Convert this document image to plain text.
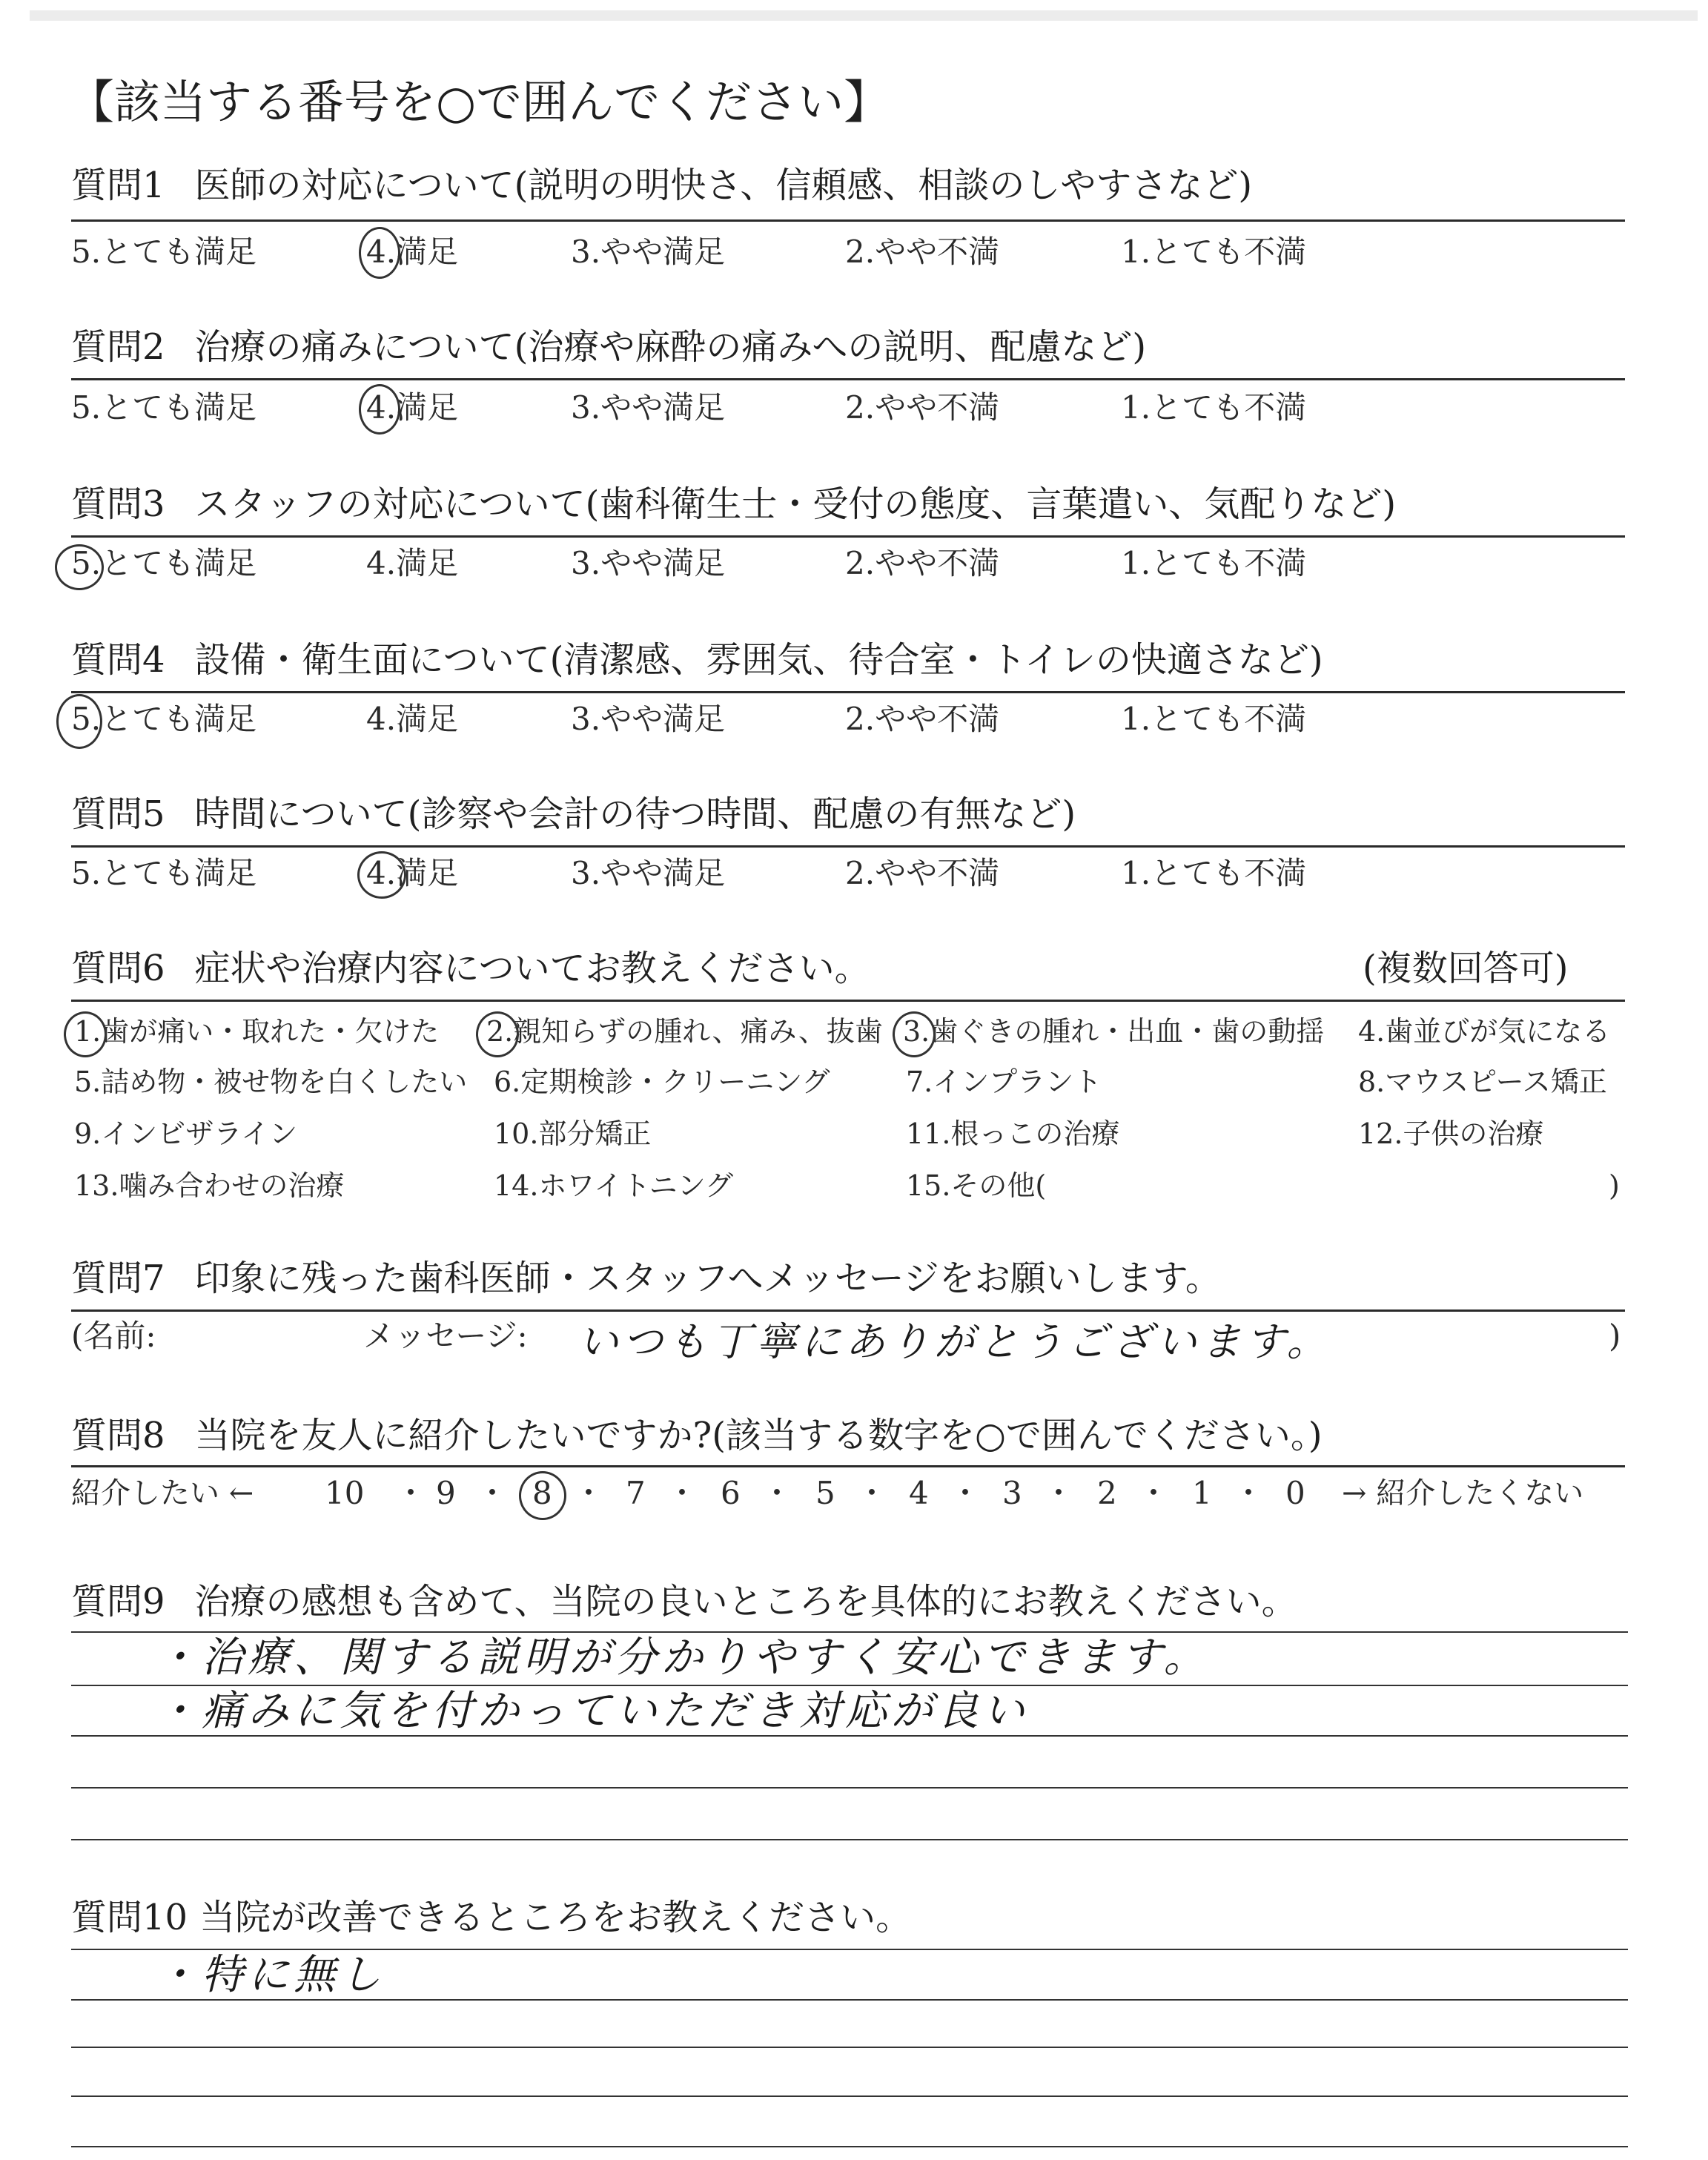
【該当する番号を○で囲んでください】
質問1 医師の対応について(説明の明快さ、信頼感、相談のしやすさなど)
5.とても満足	4.満足	3.やや満足	2.やや不満	1.とても不満
質問2 治療の痛みについて(治療や麻酔の痛みへの説明、配慮など)
5.とても満足	4.満足	3.やや満足	2.やや不満	1.とても不満
質問3 スタッフの対応について(歯科衛生士・受付の態度、言葉遣い、気配りなど)
5.とても満足	4.満足	3.やや満足	2.やや不満	1.とても不満
質問4 設備・衛生面について(清潔感、雰囲気、待合室・トイレの快適さなど)
5.とても満足	4.満足	3.やや満足	2.やや不満	1.とても不満
質問5 時間について(診察や会計の待つ時間、配慮の有無など)
5.とても満足	4.満足	3.やや満足	2.やや不満	1.とても不満
質問6 症状や治療内容についてお教えください。	(複数回答可)
1.歯が痛い・取れた・欠けた 2.親知らずの腫れ、痛み、抜歯 3.歯ぐきの腫れ・出血・歯の動揺 4.歯並びが気になる
5.詰め物・被せ物を白くしたい 6.定期検診・クリーニング	7.インプラント	8.マウスピース矯正
9.インビザライン	10.部分矯正	11.根っこの治療	12.子供の治療
13.噛み合わせの治療	14.ホワイトニング	15.その他(	)
質問7 印象に残った歯科医師・スタッフへメッセージをお願いします。
(名前:	メッセージ: いつも丁寧にありがとうございます。	)
質問8 当院を友人に紹介したいですか?(該当する数字を○で囲んでください。)
紹介したい ←	→ 紹介したくない
10 ・ 9 ・ 8 ・ 7 ・ 6 ・ 5 ・ 4 ・ 3 ・ 2 ・ 1 ・ 0
質問9 治療の感想も含めて、当院の良いところを具体的にお教えください。
・治療、関する説明が分かりやすく安心できます。
・痛みに気を付かっていただき対応が良い
質問10 当院が改善できるところをお教えください。
・特に無し
